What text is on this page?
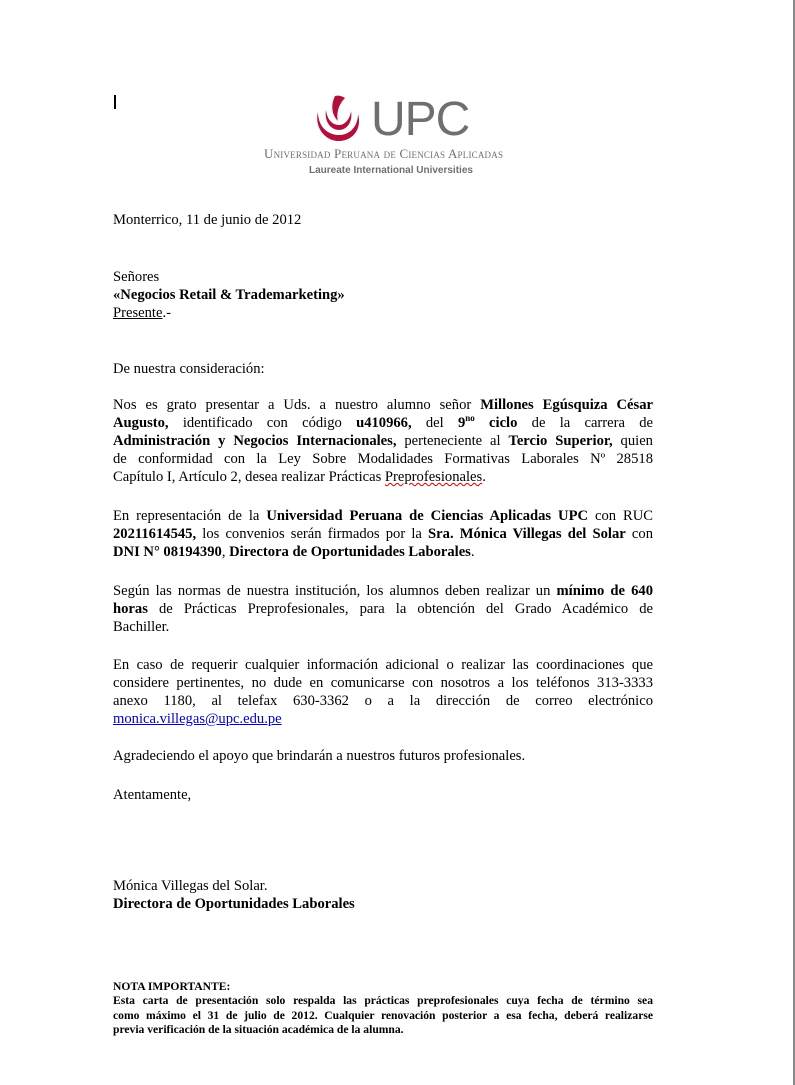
UPC
Universidad Peruana de Ciencias Aplicadas
Laureate International Universities
Monterrico, 11 de junio de 2012
Señores
«Negocios Retail & Trademarketing»
Presente.-
De nuestra consideración:
Nos es grato presentar a Uds. a nuestro alumno señor Millones Egúsquiza César
Augusto, identificado con código u410966, del $9^{no}$ ciclo de la carrera de
Administración y Negocios Internacionales, perteneciente al Tercio Superior, quien
de conformidad con la Ley Sobre Modalidades Formativas Laborales Nº 28518
Capítulo I, Artículo 2, desea realizar Prácticas Preprofesionales.
En representación de la Universidad Peruana de Ciencias Aplicadas UPC con RUC
20211614545, los convenios serán firmados por la Sra. Mónica Villegas del Solar con
DNI N° 08194390, Directora de Oportunidades Laborales.
Según las normas de nuestra institución, los alumnos deben realizar un mínimo de 640
horas de Prácticas Preprofesionales, para la obtención del Grado Académico de
Bachiller.
En caso de requerir cualquier información adicional o realizar las coordinaciones que
considere pertinentes, no dude en comunicarse con nosotros a los teléfonos 313-3333
anexo 1180, al telefax 630-3362 o a la dirección de correo electrónico
monica.villegas@upc.edu.pe
Agradeciendo el apoyo que brindarán a nuestros futuros profesionales.
Atentamente,
Mónica Villegas del Solar.
Directora de Oportunidades Laborales
NOTA IMPORTANTE:
Esta carta de presentación solo respalda las prácticas preprofesionales cuya fecha de término sea
como máximo el 31 de julio de 2012. Cualquier renovación posterior a esa fecha, deberá realizarse
previa verificación de la situación académica de la alumna.
